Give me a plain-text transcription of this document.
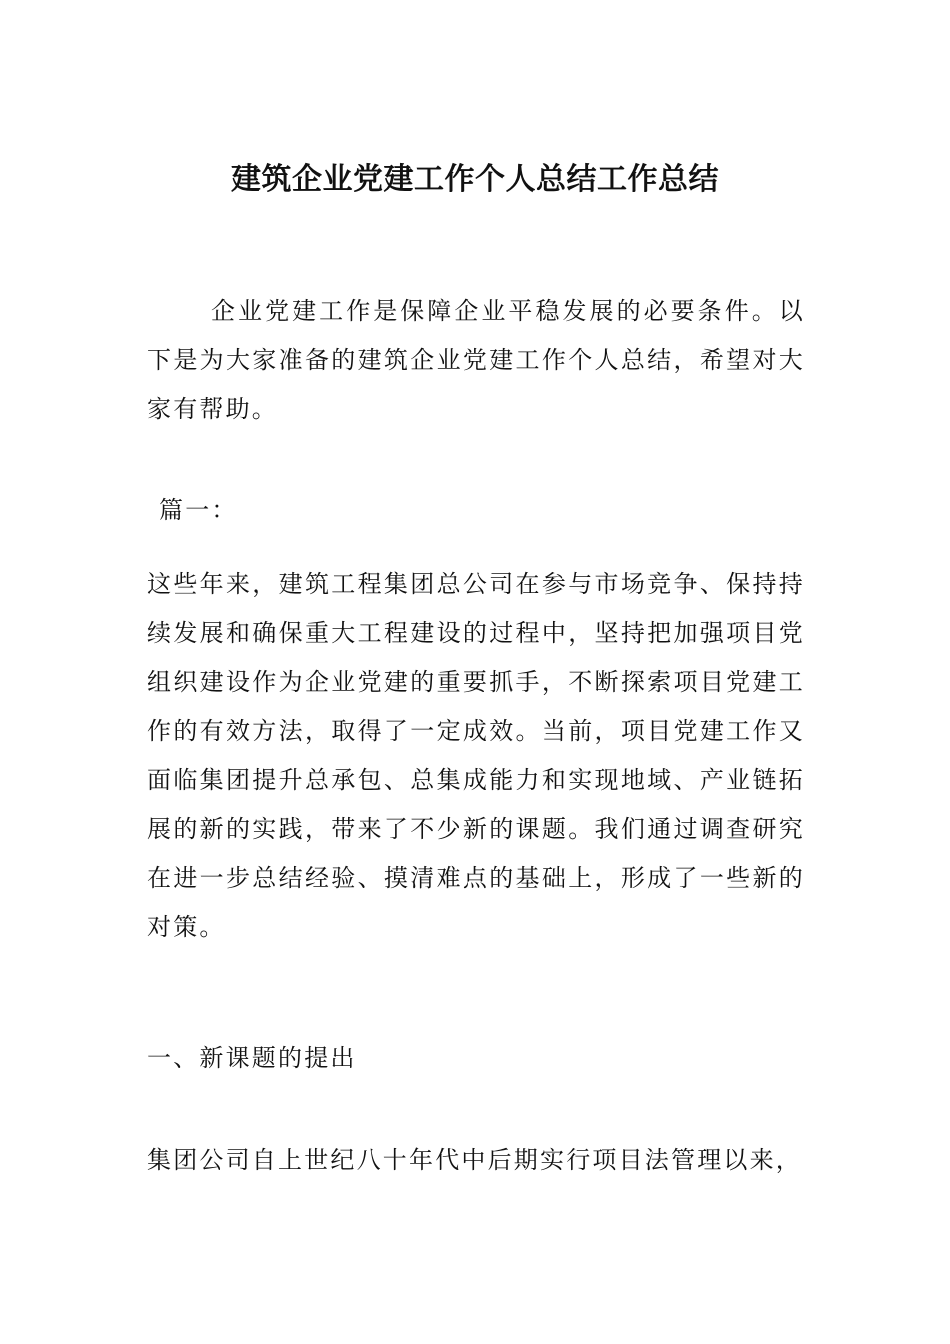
建筑企业党建工作个人总结工作总结

企业党建工作是保障企业平稳发展的必要条件。以下是为大家准备的建筑企业党建工作个人总结，希望对大家有帮助。

篇一：

这些年来，建筑工程集团总公司在参与市场竞争、保持持续发展和确保重大工程建设的过程中，坚持把加强项目党组织建设作为企业党建的重要抓手，不断探索项目党建工作的有效方法，取得了一定成效。当前，项目党建工作又面临集团提升总承包、总集成能力和实现地域、产业链拓展的新的实践，带来了不少新的课题。我们通过调查研究在进一步总结经验、摸清难点的基础上，形成了一些新的对策。

一、新课题的提出

集团公司自上世纪八十年代中后期实行项目法管理以来，
